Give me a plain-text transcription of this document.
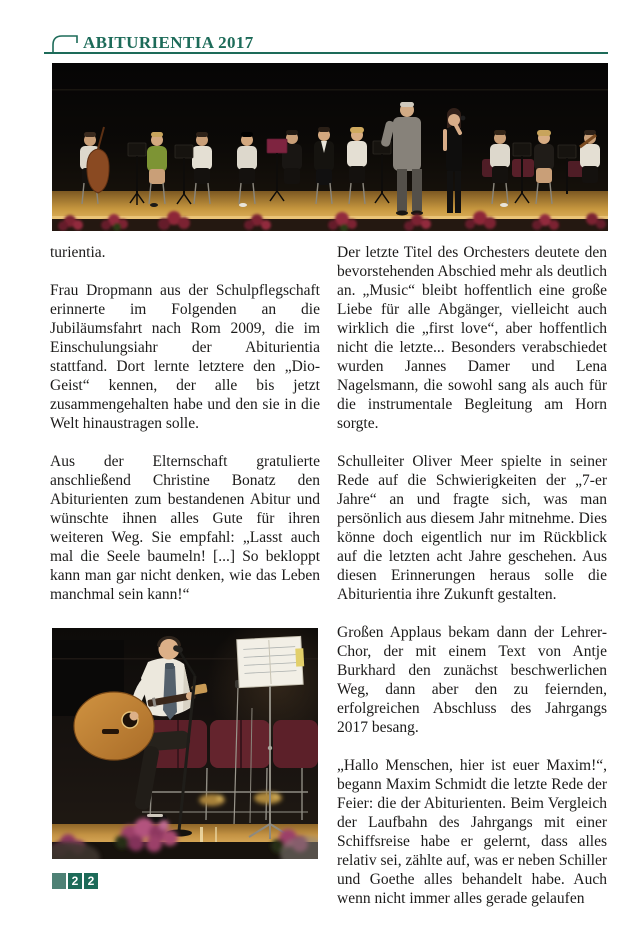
ABITURIENTIA 2017

turientia.

Frau Dropmann aus der Schulpflegschaft erinnerte im Folgenden an die Jubiläumsfahrt nach Rom 2009, die im Einschulungsiahr der Abiturientia stattfand. Dort lernte letztere den „Dio-Geist“ kennen, der alle bis jetzt zusammengehalten habe und den sie in die Welt hinaustragen solle.

Aus der Elternschaft gratulierte anschließend Christine Bonatz den Abiturienten zum bestandenen Abitur und wünschte ihnen alles Gute für ihren weiteren Weg. Sie empfahl: „Lasst auch mal die Seele baumeln! [...] So bekloppt kann man gar nicht denken, wie das Leben manchmal sein kann!“

Der letzte Titel des Orchesters deutete den bevorstehenden Abschied mehr als deutlich an. „Music“ bleibt hoffentlich eine große Liebe für alle Abgänger, vielleicht auch wirklich die „first love“, aber hoffentlich nicht die letzte... Besonders verabschiedet wurden Jannes Damer und Lena Nagelsmann, die sowohl sang als auch für die instrumentale Begleitung am Horn sorgte.

Schulleiter Oliver Meer spielte in seiner Rede auf die Schwierigkeiten der „7-er Jahre“ an und fragte sich, was man persönlich aus diesem Jahr mitnehme. Dies könne doch eigentlich nur im Rückblick auf die letzten acht Jahre geschehen. Aus diesen Erinnerungen heraus solle die Abiturientia ihre Zukunft gestalten.

Großen Applaus bekam dann der Lehrer-Chor, der mit einem Text von Antje Burkhard den zunächst beschwerlichen Weg, dann aber den zu feiernden, erfolgreichen Abschluss des Jahrgangs 2017 besang.

„Hallo Menschen, hier ist euer Maxim!“, begann Maxim Schmidt die letzte Rede der Feier: die der Abiturienten. Beim Vergleich der Laufbahn des Jahrgangs mit einer Schiffsreise habe er gelernt, dass alles relativ sei, zählte auf, was er neben Schiller und Goethe alles behandelt habe. Auch wenn nicht immer alles gerade gelaufen

2 2
